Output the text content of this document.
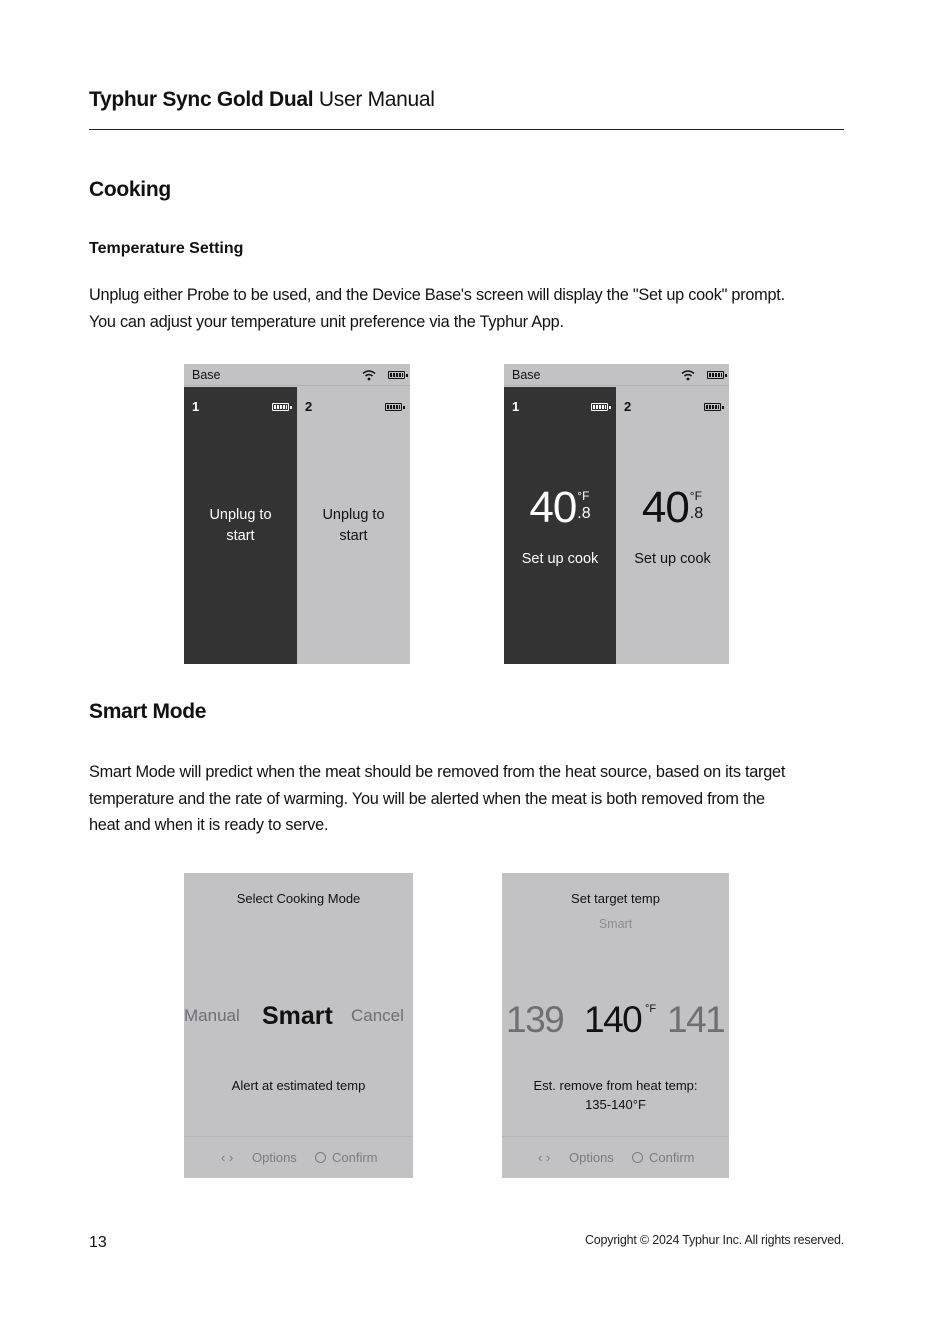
Typhur Sync Gold Dual User Manual
Cooking
Temperature Setting
Unplug either Probe to be used, and the Device Base's screen will display the "Set up cook" prompt.
You can adjust your temperature unit preference via the Typhur App.
Base
1
Unplug to
start
2
Unplug to
start
Base
1
40 °F
.8
Set up cook
2
40 °F
.8
Set up cook
Smart Mode
Smart Mode will predict when the meat should be removed from the heat source, based on its target
temperature and the rate of warming. You will be alerted when the meat is both removed from the
heat and when it is ready to serve.
Select Cooking Mode
Manual Smart Cancel
Alert at estimated temp
‹ › Options	Confirm
Set target temp
Smart
139 140 °F 141
Est. remove from heat temp:
135-140°F
‹ › Options	Confirm
13	Copyright © 2024 Typhur Inc. All rights reserved.
